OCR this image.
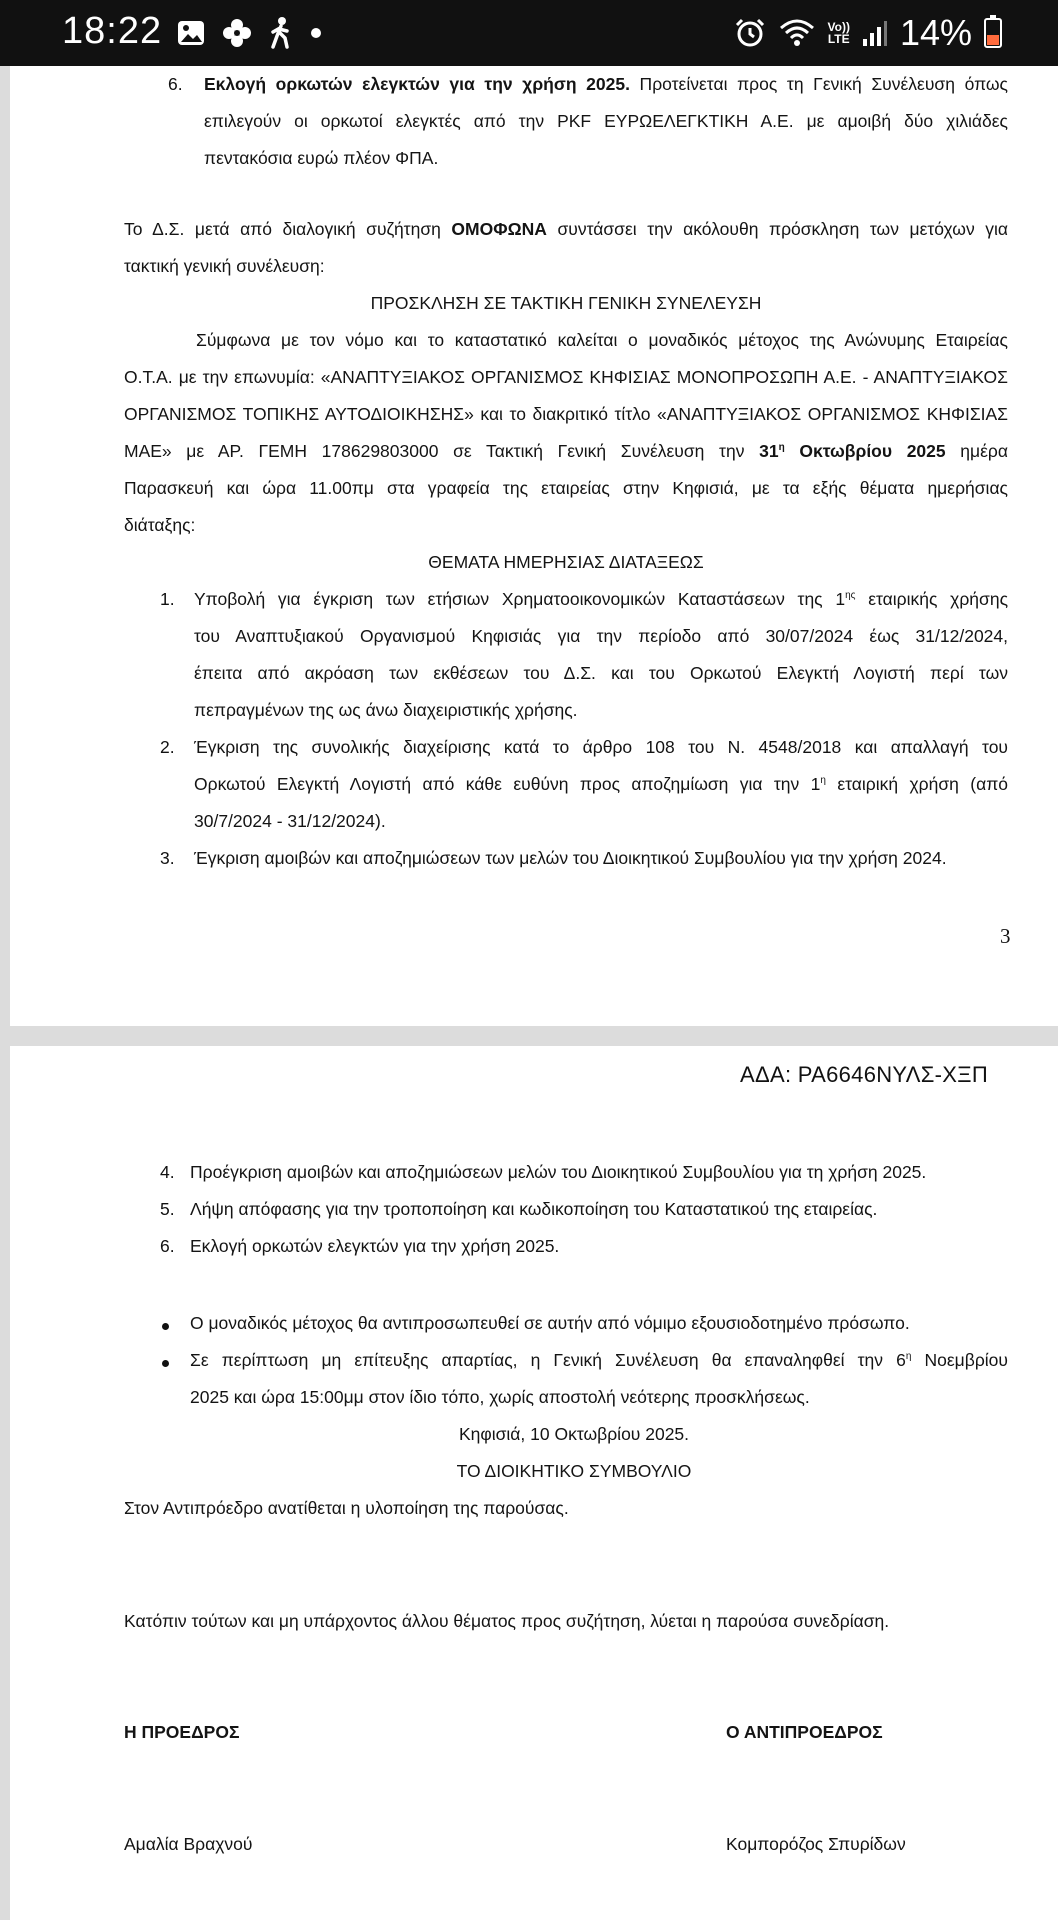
18:22	Vo))
LTE 14%
6. Εκλογή ορκωτών ελεγκτών για την χρήση 2025. Προτείνεται προς τη Γενική Συνέλευση όπως
επιλεγούν οι ορκωτοί ελεγκτές από την PKF ΕΥΡΩΕΛΕΓΚΤΙΚΗ Α.Ε. με αμοιβή δύο χιλιάδες
πεντακόσια ευρώ πλέον ΦΠΑ.
Το Δ.Σ. μετά από διαλογική συζήτηση ΟΜΟΦΩΝΑ συντάσσει την ακόλουθη πρόσκληση των μετόχων για
τακτική γενική συνέλευση:
ΠΡΟΣΚΛΗΣΗ ΣΕ ΤΑΚΤΙΚΗ ΓΕΝΙΚΗ ΣΥΝΕΛΕΥΣΗ
Σύμφωνα με τον νόμο και το καταστατικό καλείται ο μοναδικός μέτοχος της Ανώνυμης Εταιρείας
Ο.Τ.Α. με την επωνυμία: «ΑΝΑΠΤΥΞΙΑΚΟΣ ΟΡΓΑΝΙΣΜΟΣ ΚΗΦΙΣΙΑΣ ΜΟΝΟΠΡΟΣΩΠΗ Α.Ε. - ΑΝΑΠΤΥΞΙΑΚΟΣ
ΟΡΓΑΝΙΣΜΟΣ ΤΟΠΙΚΗΣ ΑΥΤΟΔΙΟΙΚΗΣΗΣ» και το διακριτικό τίτλο «ΑΝΑΠΤΥΞΙΑΚΟΣ ΟΡΓΑΝΙΣΜΟΣ ΚΗΦΙΣΙΑΣ
ΜΑΕ» με ΑΡ. ΓΕΜΗ 178629803000 σε Τακτική Γενική Συνέλευση την $31^\eta$ Οκτωβρίου 2025 ημέρα
Παρασκευή και ώρα 11.00πμ στα γραφεία της εταιρείας στην Κηφισιά, με τα εξής θέματα ημερήσιας
διάταξης:
ΘΕΜΑΤΑ ΗΜΕΡΗΣΙΑΣ ΔΙΑΤΑΞΕΩΣ
1. Υποβολή για έγκριση των ετήσιων Χρηματοοικονομικών Καταστάσεων της $1^{\eta\varsigma}$ εταιρικής χρήσης
του Αναπτυξιακού Οργανισμού Κηφισιάς για την περίοδο από 30/07/2024 έως 31/12/2024,
έπειτα από ακρόαση των εκθέσεων του Δ.Σ. και του Ορκωτού Ελεγκτή Λογιστή περί των
πεπραγμένων της ως άνω διαχειριστικής χρήσης.
2. Έγκριση της συνολικής διαχείρισης κατά το άρθρο 108 του Ν. 4548/2018 και απαλλαγή του
Ορκωτού Ελεγκτή Λογιστή από κάθε ευθύνη προς αποζημίωση για την $1^\eta$ εταιρική χρήση (από
30/7/2024 - 31/12/2024).
3. Έγκριση αμοιβών και αποζημιώσεων των μελών του Διοικητικού Συμβουλίου για την χρήση 2024.
3
ΑΔΑ: ΡΑ6646ΝΥΛΣ-ΧΞΠ
4. Προέγκριση αμοιβών και αποζημιώσεων μελών του Διοικητικού Συμβουλίου για τη χρήση 2025.
5. Λήψη απόφασης για την τροποποίηση και κωδικοποίηση του Καταστατικού της εταιρείας.
6. Εκλογή ορκωτών ελεγκτών για την χρήση 2025.
Ο μοναδικός μέτοχος θα αντιπροσωπευθεί σε αυτήν από νόμιμο εξουσιοδοτημένο πρόσωπο.
Σε περίπτωση μη επίτευξης απαρτίας, η Γενική Συνέλευση θα επαναληφθεί την $6^\eta$ Νοεμβρίου
2025 και ώρα 15:00μμ στον ίδιο τόπο, χωρίς αποστολή νεότερης προσκλήσεως.
Κηφισιά, 10 Οκτωβρίου 2025.
ΤΟ ΔΙΟΙΚΗΤΙΚΟ ΣΥΜΒΟΥΛΙΟ
Στον Αντιπρόεδρο ανατίθεται η υλοποίηση της παρούσας.
Κατόπιν τούτων και μη υπάρχοντος άλλου θέματος προς συζήτηση, λύεται η παρούσα συνεδρίαση.
Η ΠΡΟΕΔΡΟΣ	Ο ΑΝΤΙΠΡΟΕΔΡΟΣ
Αμαλία Βραχνού	Κομπορόζος Σπυρίδων
